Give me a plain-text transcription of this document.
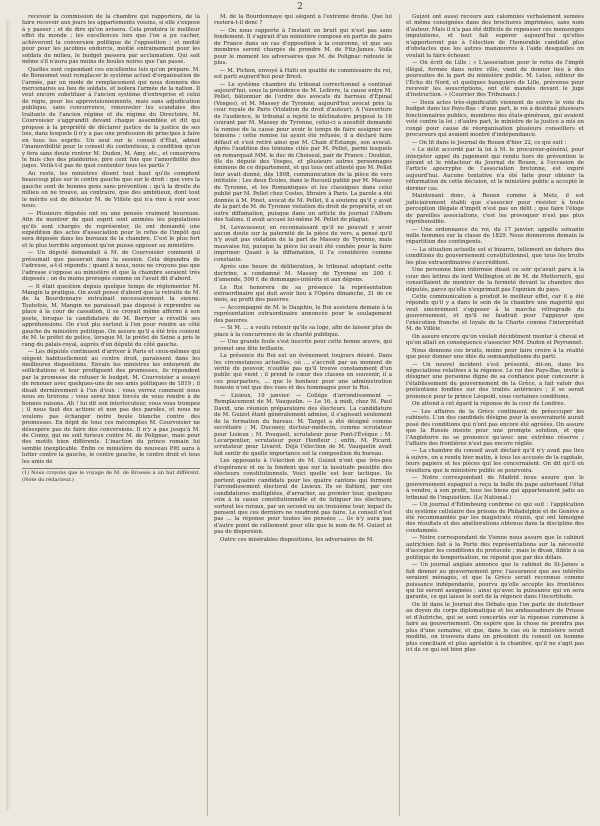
2

recevoir la commission de la chambre qui rapportera, de la faire recevoir aux jours les appartements voisins, si elle s'expose à y passer ; et de dire qu'on avisera. Cela produira le meilleur effet du monde ; les excellences lors que l'on a pu cacher, achèveront la conversion politique de l'opposition ; et moitié pour pour les jacobins endurcis, moitié entrainement pour les soldats du milieu, le budget passera par acclamation. Qui sait même s'il n'aura pas moins de boules noires que l'an passé.

Quelles sont cependant ces excellentes lois qu'on prépare. M. de Bonnomet veut remplacer le système actuel d'organisation de l'armée, par un mode de remplacement qui nous donnera des mercenaires au lieu de soldats, et isolera l'armée de la nation. Il veut encore substituer à l'ancien système d'entreprise et celui de régie, pour les approvisionnements, mais sans adjudication publique, sans concurrence, renouveler les scandales des traitants de l'ancien régime et du régime du Directoire. M. Courvoisier s'aggrandit devant chaque assemblée et dit qui propose à la propriété de déclarer justice de la justice de ses lois, dans lesquels il n'y a pas une profession de principes à faire en tous les esprits. Un seul sur le conseil d'État, admet l'inamovibilité pour le conseil du contentieux, à condition qu'on y fera sans doute rentrer M. Dudon, M. Amy, etc., et conservera le huis clos des plaidoiries, pire cent fois que l'amovibilité des juges. Voilà-t-il pas de quoi contenter tous les partis ?

Au reste, les ministres disent tout haut qu'ils comptent beaucoup plus sur le centre gauche que sur le droit : que vers la gauche sont de bonnes gens sans prévention ; qu'à la droite du milieu on ne trouve, au contraire, que des ambitieux, dont tout le mérite est de détester M. de Villèle qui n'a rien à voir avec nous.

— Plusieurs députés ont eu une pensée vraiment heureuse. Afin de montrer de quel esprit sont animées les populations qu'ils sont chargés de représenter, ils ont demandé une expédition des actes d'association pour le refus de l'impôt qui sera déposée dans les bureaux de la chambre. C'est le plus fort et le plus terrible argument qu'on puisse opposer au ministère.

— Un député demandait à M. de Courvoisier comment il présumait que passerait dans la session. Cela dépendra de l'adresse, a-t-il répondu ; quant à nous, nous ne croyons pas que l'adresse s'oppose au ministère et que la chambre seraient très disposés ; on du moins prorogée comme on l'avait dit d'abord.

— Il était question depuis quelque temps de réglementer M. Mangin la pratique. On avait pensé d'abord que la retraite de M. de la Bourdonnaye entraînait nécessairement la sienne. Toutefois, M. Mangin ne paraissait pas disposé à reprendre sa place à la cour de cassation, il se croyait même affermi à son poste, lorsque la candidature de M. Berryer a réveillé ses appréhensions. On s'est plu surtout à l'en pour rendre au côté gauche du ministère politique. On assure qu'il a été très content de M. le préfet de police, lorsque M. le préfet de Seine a pris le rang du palais-royal, auprès d'un député du côté gauche.

— Les députés continuent d'arriver à Paris et ceux-mêmes qui siègent habituellement au centre droit, paraissent dans les meilleures dispositions. Envain les ministres les entourent de sollicitations et leur prodiguent des promesses, ils répondent par la promesse de refuser le budget. M. Courvoisier a essayé de renouer avec quelques-uns de ses amis politiques de 1819 ; il disait dernièrement à l'un d'eux : vous verrez comment nous nous en tirerons ; vous serez bien forcés de vous rendre à de bonnes raisons. Ah ! lui dit son interlocuteur, vous vous trompez ; il nous faut des actions et non pas des paroles, et nous ne voulons pas échanger notre boule blanche contre des promesses. En dépit de tous ces mécomptes M. Courvoisier ne désespère pas de faire des conversions. Il n'y a pas jusqu'à M. de Conny, qui ne soit furieux contre M. de Polignac, mais pour des motifs bien différents. L'inaction du prince romain lui semble inexplicable. Enfin ce ministère du nouveau Pitt aura à lutter contre la gauche, le centre gauche, le centre droit et tous les amis de

(1) Nous croyons que le voyage de M. de Brosses a un but différent. (Note du rédacteur.)

M. de la Bourdonnaye qui siègent à l'extrême droite. Que lui restera-t-il donc ?

— On nous rapporte à l'instant un bruit qui n'est pas sans fondement. Il s'agirait d'un ministère composé en partie de pairs de France dans un cas d'opposition à la couronne, et que ses membres seront chargés de prendre M. de Fitz-James. Voilà pour le moment les adversaires que M. de Polignac redoute le plus.

— M. Pichon, envoyé à Haïti en qualité de commissaire du roi, est parti aujourd'hui pour Brest.

— Le système chambre du tribunal correctionnel a continué aujourd'hui, sous la présidence de M. Lefèvre, la cause entre M. Pellet, bâtonnier de l'ordre des avocats du barreau d'Épinal (Vosges), et M. Massey de Tyronne, aujourd'hui avocat près la cour royale de Paris (Violation du droit d'auteur). A l'ouverture de l'audience, le tribunal a rejeté le déclinatoire proposé le 16 courant par M. Massey de Tyronne, celui-ci a aussitôt demandé la remise de la cause pour avoir le temps de faire assigner ses témoins ; cette remise lui ayant été refusée, il a déclaré faire défaut et s'est retiré ainsi que M. Chaix d'Estange, son avocat. Après l'audition des témoins cités par M. Pellet, parmi lesquels on remarquait MM. le duc de Choiseul, pair de France ; Doublat, fils du député des Vosges, et plusieurs autres personnages éminens de ce département, et qui tous ont attesté que M. Pellet leur avait donné, dès 1808, communication de la pièce de vers intitulée : Les deux Écoles, dans le Recueil publié par M. Massey de Tyronne, et les Romantiques et les classiques dans celui publié par M. Pellet chez Costes, libraire à Paris. La parole a été donnée à M. Pinet, avocat de M. Pellet, il a soutenu qu'il y avait de la part de M. de Tyronne violation du droit de propriété, et en outre diffamation, puisque dans un article du journal l'Album des Salons, il avait accusé lui-même M. Pellet de plagiat.

M. Levavasseur, en reconnaissant qu'il ne pouvait y avoir aucun doute sur la paternité de la pièce de vers, a pensé qu'il n'y avait pas violation de la part de Massey de Tyronne, mais mauvaise foi, puisque la pièce lui avait été confiée pour la faire imprimer. Quant à la diffamation, il l'a considérée comme constante.

Après une heure de délibération, le tribunal adoptant cette doctrine, a condamné M. Massey de Tyronne en 200 f. d'amende, 500 f. de dommages-intérêts et aux dépens.

Le Roi honorera de sa présence la représentation extraordinaire qui doit avoir lieu à l'Opéra dimanche, 31 de ce mois, au profit des pauvres.

— Accompagné de M. le Dauphin, le Roi assistera demain à la représentation extraordinaire annoncée pour le soulagement des pauvres.

— Si M. ... a voulu retenir qu'ils sa loge, afin de laisser plus de place à la concurrence de la charité publique.

— Une grande foule s'est inscrite pour cette bonne œuvre, qui promet une fête brillante.

La présence du Roi est un événement toujours désiré. Dans les circonstances actuelles, où ... s'accroît par un moment de vérité du pouvoir, n'oublie pas qu'il trouve constamment d'un public qui vient ; il prend le cœur des classes en souvenir, il a ces pourparlers, ... que le bonheur pour une administration funeste n'ont que des vues et des hommages pour le Roi.

— Lisieux, 19 janvier. — Collège d'arrondissement — Remplacement de M. Vauquelin. — Le 16, à midi, chez M. Paul David, une réunion préparatoire des électeurs. La candidature de M. Guizot étant généralement admise, il s'agissait seulement de la formation du bureau. M. Target a été désigné comme secrétaire ; M. Duconey, docteur-médecin, comme scrutateur pour Lisieux ; M. Pouqueil, scrutateur pour Pont-l'Évêque ; M. Lecarpentier, scrutateur pour Honfleur ; enfin, M. Picard, scrutateur pour Livarot. Déjà l'élection de M. Vauquelin avait fait sentir de quelle importance est la composition du bureau.

Les opposants à l'élection de M. Guizot n'ont que très-peu d'espérance et ne la fondent que sur la lassitude possible des électeurs constitutionnels. Voici quelle est leur tactique. Ils portent quatre candidats pour les quatre cantons qui forment l'arrondissement électoral de Lisieux. Ils se flattent, par ces candidatures multipliées, d'arracher, au premier tour, quelques voix à la cause constitutionnelle et de fatiguer les électeurs, surtout les ruraux, par un second ou un troisième tour, lequel ils pensent que ces derniers ne voudront pas faire. Le conseil n'est pas ... la réponse pour toutes les pensées ... ils n'y aura pas d'autre point de ralliement pour elle que le nom de M. Guizot et pas de dispersion.

Outre ces misérables dispositions, les adversaires de M.

Guizot ont aussi recours aux calomnies verbalement semées et même consignées dans des brochures imprimées, sans nom d'auteur. Mais il n'a pas été difficile de repousser ces mensonges imputations, et tout fait espérer aujourd'hui qu'elles n'apporteront pas à l'élection de l'honorable candidat plus d'obstacles que les autres manœuvres à l'aide desquelles on voulait la faire échouer.

— On écrit de Lille : « L'association pour le refus de l'impôt illégal, formée dans notre ville, vient de donner lieu à des poursuites de la part du ministère public. M. Leleu, éditeur de l'Écho du Nord, et quelques banquiers de Lille, prévenus pour recevoir les souscriptions, ont été mandés devant le juge d'instruction. » (Courrier des Tribunaux.)

— Deux actes très-significatifs viennent de suivre le vote du budget dans les Pays-Bas : d'une part, le roi a destitué plusieurs fonctionnaires publics, membres des états-généraux, qui avaient voté contre la loi ; d'autre part, le ministre de la justice a mis en congé pour cause de réorganisation plusieurs conseillers et procureurs qui avaient montré d'indépendance.

— On lit dans le Journal de Rouen d'hier 22, ce qui suit :

« Le délit accordé par la loi à M. le procureur-général, pour interjeter appel du jugement qui rendu hors de prévention le gérant et le rédacteur du Journal de Rouen, à l'occasion de l'article apocryphe de l'association bretonne, est expiré aujourd'hui. Aucune tentative n'a été faite pour obtenir la réformation de cette décision, et le ministère public a accepté le dernier cas.

Maintenant donc, à Rouen comme à Metz, il est judiciairement établi que s'associer pour résister à toute perception illégale d'impôt n'est pas un délit ; que faire l'éloge de pareilles associations, c'est les provoquer n'est pas plus répréhensible.

— Une ordonnance du roi, du 17 janvier, appelle soixante mille hommes sur la classe de 1829. Nous donnerons demain la répartition des contingents.

— La situation actuelle est si bizarre, tellement en dehors des conditions du gouvernement constitutionnel, que tous les bruits les plus extraordinaires s'accréditent.

Une personne bien informée disait ce soir qu'avait paru à la cour des lettres de lord Wellington et de M. de Metternich, qui conseillaient de montrer de la fermeté devant la chambre des députés, parce qu'elle n'exprimait pas l'opinion du pays.

Cette communication a produit le meilleur effet, car il a été répondu qu'il y a dans le sein de la chambre une majorité qui veut sincèrement s'opposer à la marche rétrograde du gouvernement, et qu'il ne faudrait pour l'appuyer que l'exécution franche et loyale de la Charte comme l'interprétait M. de Villèle.

On assure encore qu'on voulait décidément monter à cheval et qu'on allait en conséquence s'associer MM. Dudon et Peyronnet.

Nous donnons ces bruits, moins pour faire croire à la réalité que pour donner une idée du somnambulisme du parti.

— Un nouvel incident s'est présenté, dit-on, dans les négociations relatives à la régence. Le roi des Pays-Bas, invité à désigner une personne digne de sa confiance pour concourir à l'établissement du gouvernement de la Grèce, a fait valoir des prétentions fondées sur des traités antérieurs ; il se serait prononcé pour le prince Léopold, sous certaines conditions.

On attend à cet égard la réponse de la cour de Londres.

— Les affaires de la Grèce continuent de préoccuper les cabinets. L'un des candidats désigne pour la souveraineté aurait posé des conditions qui n'ont pas encore été agréées. On assure que la Russie insiste pour une prompte solution, et que l'Angleterre ne se prononce qu'avec une extrême réserve ; l'affaire des frontières n'est pas encore réglée.

— La chambre du conseil avait déclaré qu'il n'y avait pas lieu à suivre, on a rendu hier matin, à tous les accusés de la capitale, leurs papiers et les pièces qui les concernaient. On dit qu'il en résultera que le ministère public se pourvoira.

— Notre correspondant de Madrid nous assure que le gouvernement espagnol a reçu la bulle du pape autorisant l'état à vendre, à son profit, tous les biens qui appartenaient jadis au tribunal de l'inquisition. (Le National.)

— Un journal d'Édimbourg confirme ce qui suit : l'application du système cellulaire des prisons de Philadelphie et de Genève a été recommandée par les magistrats réunis, qui ont témoigné des résultats et des améliorations obtenus dans la discipline des condamnés.

— Notre correspondant de Vienne nous assure que le cabinet autrichien fait à la Porte des représentations sur la nécessité d'accepter les conditions du protocole ; mais le divan, fidèle à sa politique de temporisation, ne répond que par des délais.

— Un journal anglais annonce que le cabinet de St-James a fait donner au gouvernement grec l'assurance que ses intérêts seraient ménagés, et que la Grèce serait reconnue comme puissance indépendante, pourvu qu'elle accepte les frontières qui lui seront assignées ; ainsi qu'avec la puissance qui en sera garante, ce qui laisse le sort de la régence dans l'incertitude.

On lit dans le Journal des Débats que l'on parle de distribuer au doyen du corps diplomatique et les ambassadeurs de Prusse et d'Autriche, qui se sont concertés sur la réponse commune à faire au gouvernement. On espère que la chose ne prendra pas plus d'une semaine, et que, dans le cas où le ministère serait modifié, on trouvera dans un président du conseil un homme plus conciliant et plus agréable à la chambre, qu'il ne s'agit pas ici de ce qui est bien plus
